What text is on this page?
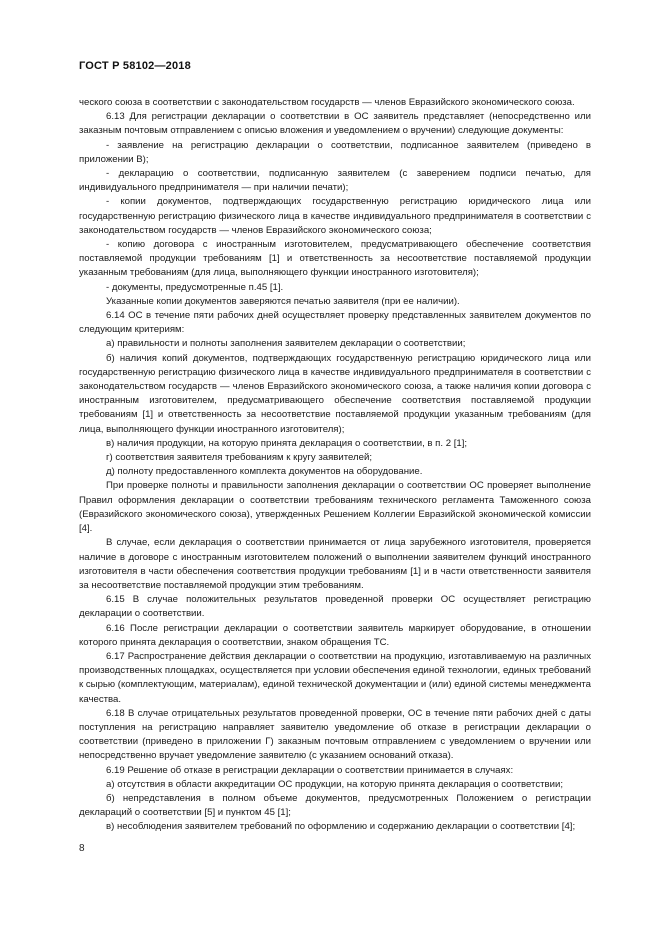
ГОСТ Р 58102—2018

ческого союза в соответствии с законодательством государств — членов Евразийского экономического союза.

6.13 Для регистрации декларации о соответствии в ОС заявитель представляет (непосредственно или заказным почтовым отправлением с описью вложения и уведомлением о вручении) следующие документы:

- заявление на регистрацию декларации о соответствии, подписанное заявителем (приведено в приложении В);

- декларацию о соответствии, подписанную заявителем (с заверением подписи печатью, для индивидуального предпринимателя — при наличии печати);

- копии документов, подтверждающих государственную регистрацию юридического лица или государственную регистрацию физического лица в качестве индивидуального предпринимателя в соответствии с законодательством государств — членов Евразийского экономического союза;

- копию договора с иностранным изготовителем, предусматривающего обеспечение соответствия поставляемой продукции требованиям [1] и ответственность за несоответствие поставляемой продукции указанным требованиям (для лица, выполняющего функции иностранного изготовителя);

- документы, предусмотренные п.45 [1].

Указанные копии документов заверяются печатью заявителя (при ее наличии).

6.14 ОС в течение пяти рабочих дней осуществляет проверку представленных заявителем документов по следующим критериям:

а) правильности и полноты заполнения заявителем декларации о соответствии;

б) наличия копий документов, подтверждающих государственную регистрацию юридического лица или государственную регистрацию физического лица в качестве индивидуального предпринимателя в соответствии с законодательством государств — членов Евразийского экономического союза, а также наличия копии договора с иностранным изготовителем, предусматривающего обеспечение соответствия поставляемой продукции требованиям [1] и ответственность за несоответствие поставляемой продукции указанным требованиям (для лица, выполняющего функции иностранного изготовителя);

в) наличия продукции, на которую принята декларация о соответствии, в п. 2 [1];

г) соответствия заявителя требованиям к кругу заявителей;

д) полноту предоставленного комплекта документов на оборудование.

При проверке полноты и правильности заполнения декларации о соответствии ОС проверяет выполнение Правил оформления декларации о соответствии требованиям технического регламента Таможенного союза (Евразийского экономического союза), утвержденных Решением Коллегии Евразийской экономической комиссии [4].

В случае, если декларация о соответствии принимается от лица зарубежного изготовителя, проверяется наличие в договоре с иностранным изготовителем положений о выполнении заявителем функций иностранного изготовителя в части обеспечения соответствия продукции требованиям [1] и в части ответственности заявителя за несоответствие поставляемой продукции этим требованиям.

6.15 В случае положительных результатов проведенной проверки ОС осуществляет регистрацию декларации о соответствии.

6.16 После регистрации декларации о соответствии заявитель маркирует оборудование, в отношении которого принята декларация о соответствии, знаком обращения ТС.

6.17 Распространение действия декларации о соответствии на продукцию, изготавливаемую на различных производственных площадках, осуществляется при условии обеспечения единой технологии, единых требований к сырью (комплектующим, материалам), единой технической документации и (или) единой системы менеджмента качества.

6.18 В случае отрицательных результатов проведенной проверки, ОС в течение пяти рабочих дней с даты поступления на регистрацию направляет заявителю уведомление об отказе в регистрации декларации о соответствии (приведено в приложении Г) заказным почтовым отправлением с уведомлением о вручении или непосредственно вручает уведомление заявителю (с указанием оснований отказа).

6.19 Решение об отказе в регистрации декларации о соответствии принимается в случаях:

а) отсутствия в области аккредитации ОС продукции, на которую принята декларация о соответствии;

б) непредставления в полном объеме документов, предусмотренных Положением о регистрации деклараций о соответствии [5] и пунктом 45 [1];

в) несоблюдения заявителем требований по оформлению и содержанию декларации о соответствии [4];

8
